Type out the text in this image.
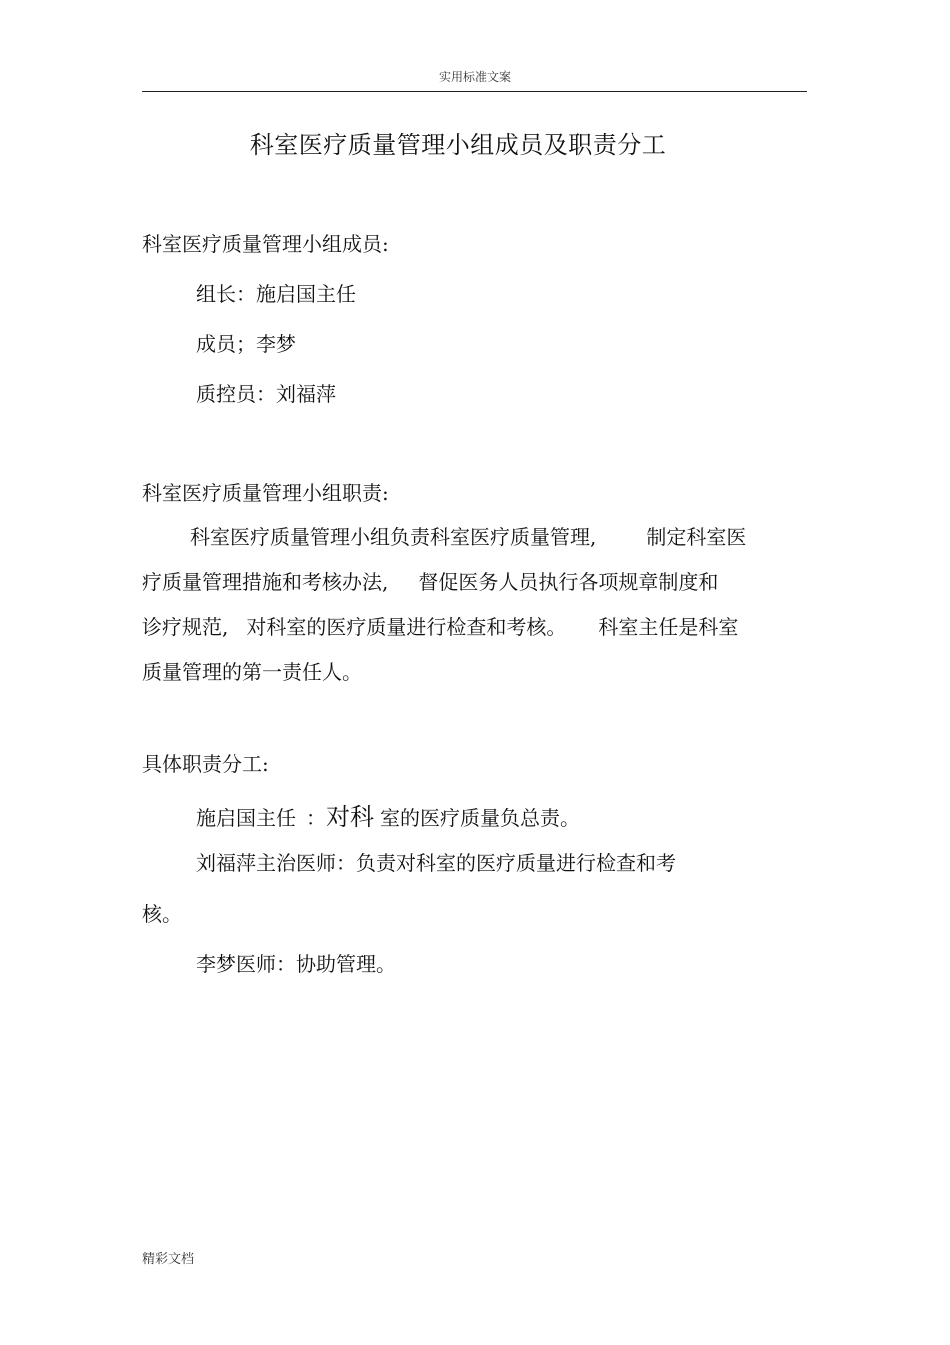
实用标准文案
科室医疗质量管理小组成员及职责分工
科室医疗质量管理小组成员:
组长：施启国主任
成员；李梦
质控员：刘福萍
科室医疗质量管理小组职责:
科室医疗质量管理小组负责科室医疗质量管理,	制定科室医
疗质量管理措施和考核办法, 督促医务人员执行各项规章制度和
诊疗规范, 对科室的医疗质量进行检查和考核。 科室主任是科室
质量管理的第一责任人。
具体职责分工:
施启国主任 ：对科 室的医疗质量负总责。
刘福萍主治医师：负责对科室的医疗质量进行检查和考
核。
李梦医师：协助管理。
精彩文档
